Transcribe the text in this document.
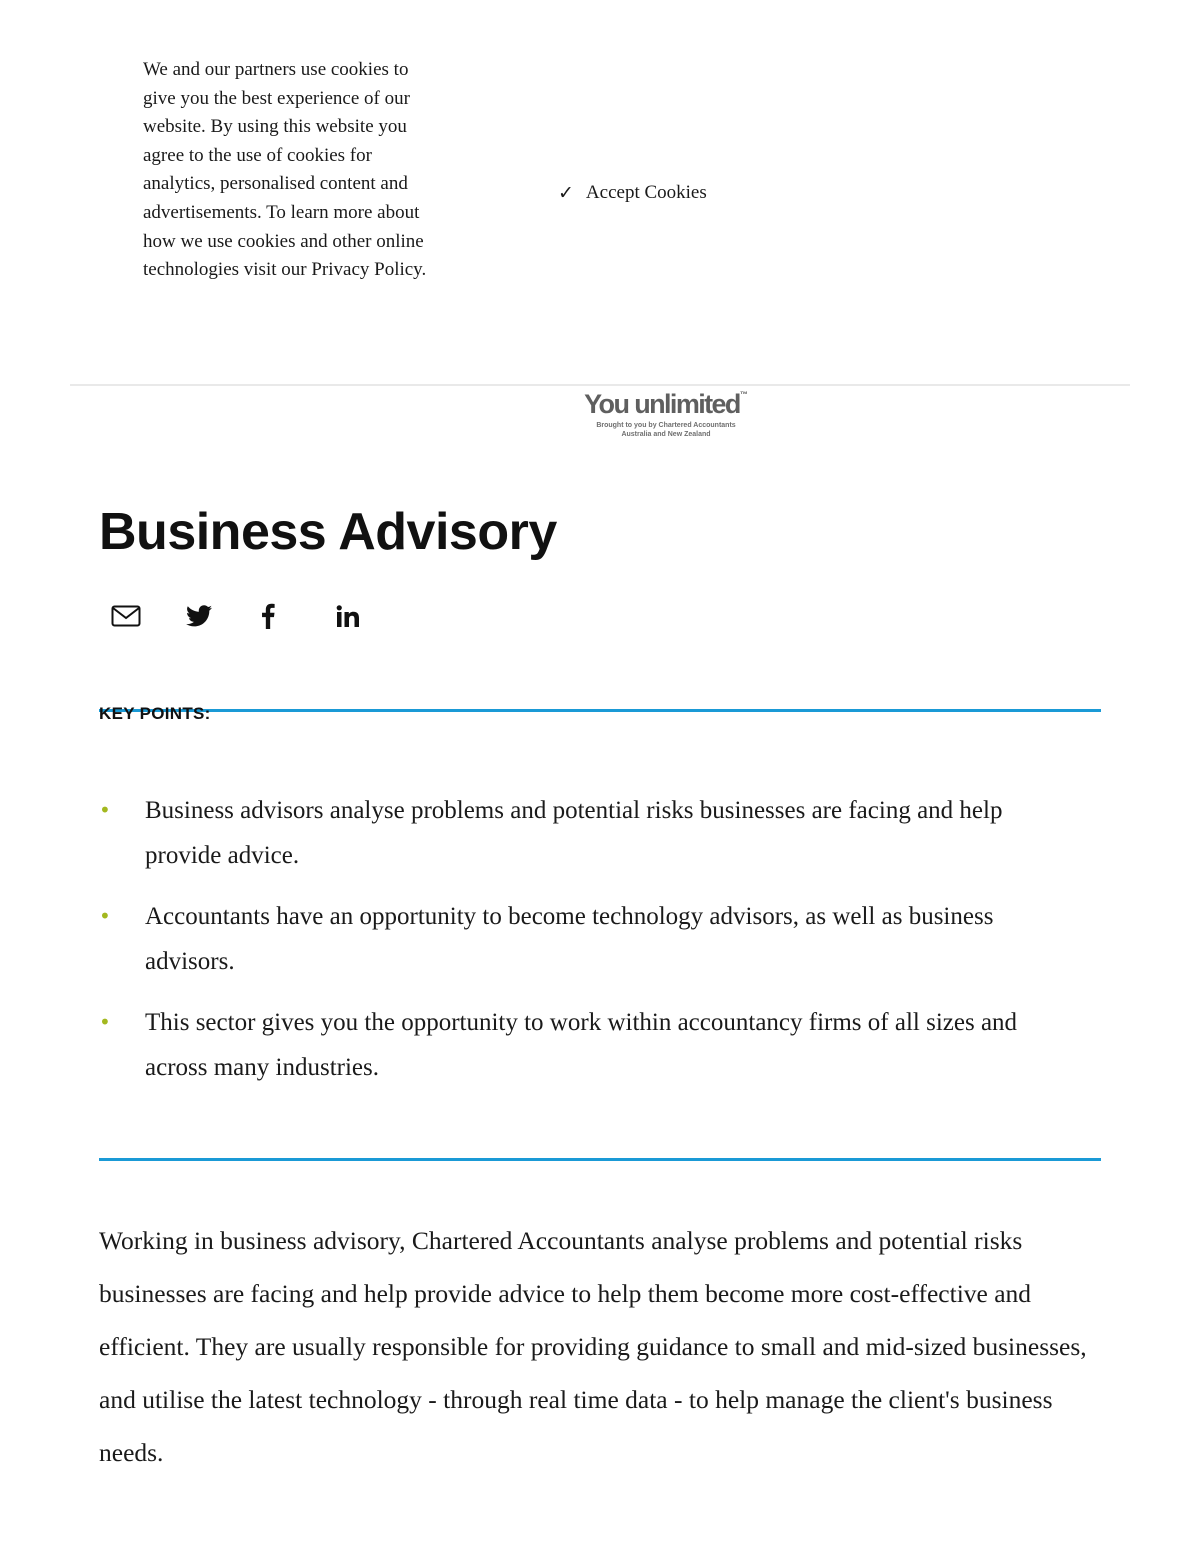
We and our partners use cookies to give you the best experience of our website. By using this website you agree to the use of cookies for analytics, personalised content and advertisements. To learn more about how we use cookies and other online technologies visit our Privacy Policy.
✓ Accept Cookies
You unlimited™
Brought to you by Chartered Accountants Australia and New Zealand
Business Advisory
KEY POINTS:
• Business advisors analyse problems and potential risks businesses are facing and help provide advice.
• Accountants have an opportunity to become technology advisors, as well as business advisors.
• This sector gives you the opportunity to work within accountancy firms of all sizes and across many industries.

Working in business advisory, Chartered Accountants analyse problems and potential risks businesses are facing and help provide advice to help them become more cost-effective and efficient. They are usually responsible for providing guidance to small and mid-sized businesses, and utilise the latest technology - through real time data - to help manage the client's business needs.
